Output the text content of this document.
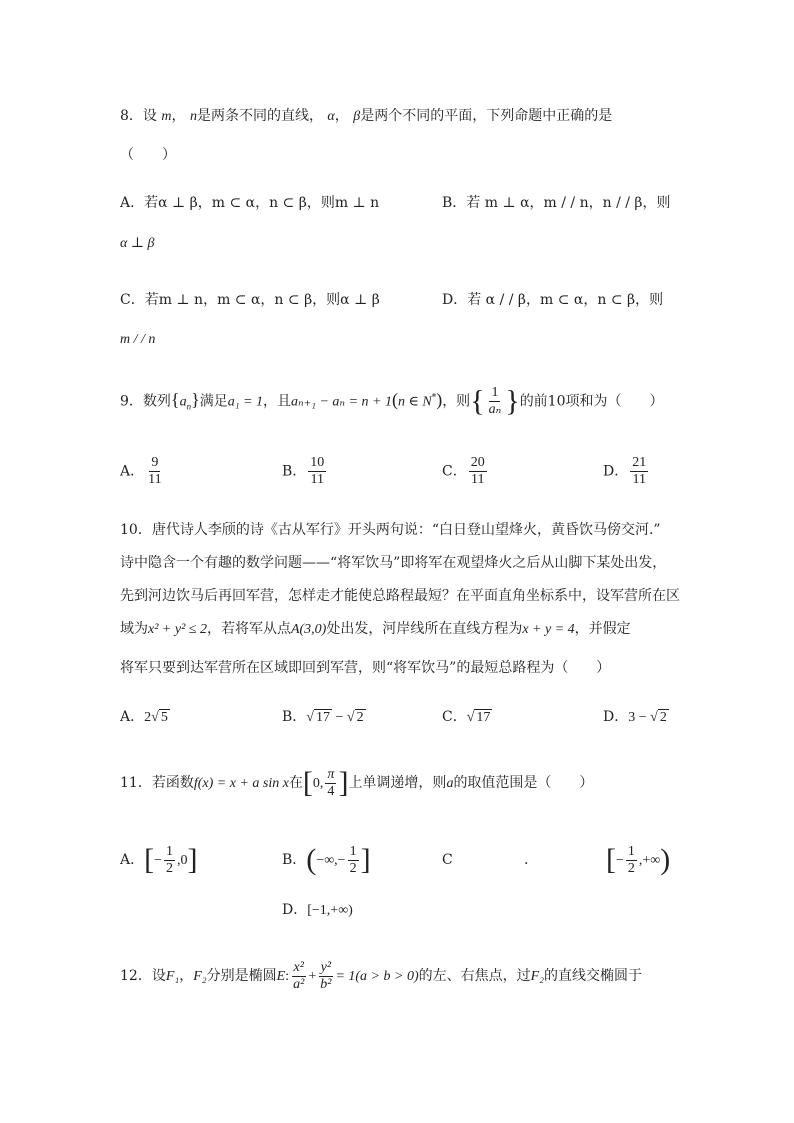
8．设 m， n是两条不同的直线， α， β是两个不同的平面，下列命题中正确的是
（　　）
A．若α ⊥ β，m ⊂ α，n ⊂ β，则m ⊥ n	B．若 m ⊥ α，m / / n，n / / β，则
α ⊥ β
C．若m ⊥ n，m ⊂ α，n ⊂ β，则α ⊥ β	D．若 α / / β，m ⊂ α，n ⊂ β，则
m / / n
9．数列$\{a_n\}$满足a₁ = 1，且aₙ₊₁ − aₙ = n + 1(n ∈ N*)，则{ $\frac{1}{\text{aₙ}}$ }的前10项和为（　　）
A． $\frac{9}{11}$	B． $\frac{10}{11}$	C． $\frac{20}{11}$	D． $\frac{21}{11}$
10．唐代诗人李颀的诗《古从军行》开头两句说：“白日登山望烽火，黄昏饮马傍交河.”
诗中隐含一个有趣的数学问题——“将军饮马”即将军在观望烽火之后从山脚下某处出发，
先到河边饮马后再回军营，怎样走才能使总路程最短？在平面直角坐标系中，设军营所在区
域为x² + y² ≤ 2，若将军从点A(3,0)处出发，河岸线所在直线方程为x + y = 4，并假定
将军只要到达军营所在区域即回到军营，则“将军饮马”的最短总路程为（　　）
A．2√ 5	B．√ 17 − √ 2	C．√ 17	D．3 − √ 2
11．若函数f(x) = x + a sin x在[0, $\frac{\pi}{4}$ ]上单调递增，则a的取值范围是（　　）
A．[− $\frac{1}{2} ,0$]	B．(−∞,− $\frac{1}{2}$ ]	C	.	[− $\frac{1}{2}$ ,+∞)
D．[−1,+∞)
12．设F₁，F₂分别是椭圆E: $\frac{\text{x²}}{\text{a²}} + \frac{\text{y²}}{\text{b²}} = 1(a > b > 0)$的左、右焦点，过F₂的直线交椭圆于
